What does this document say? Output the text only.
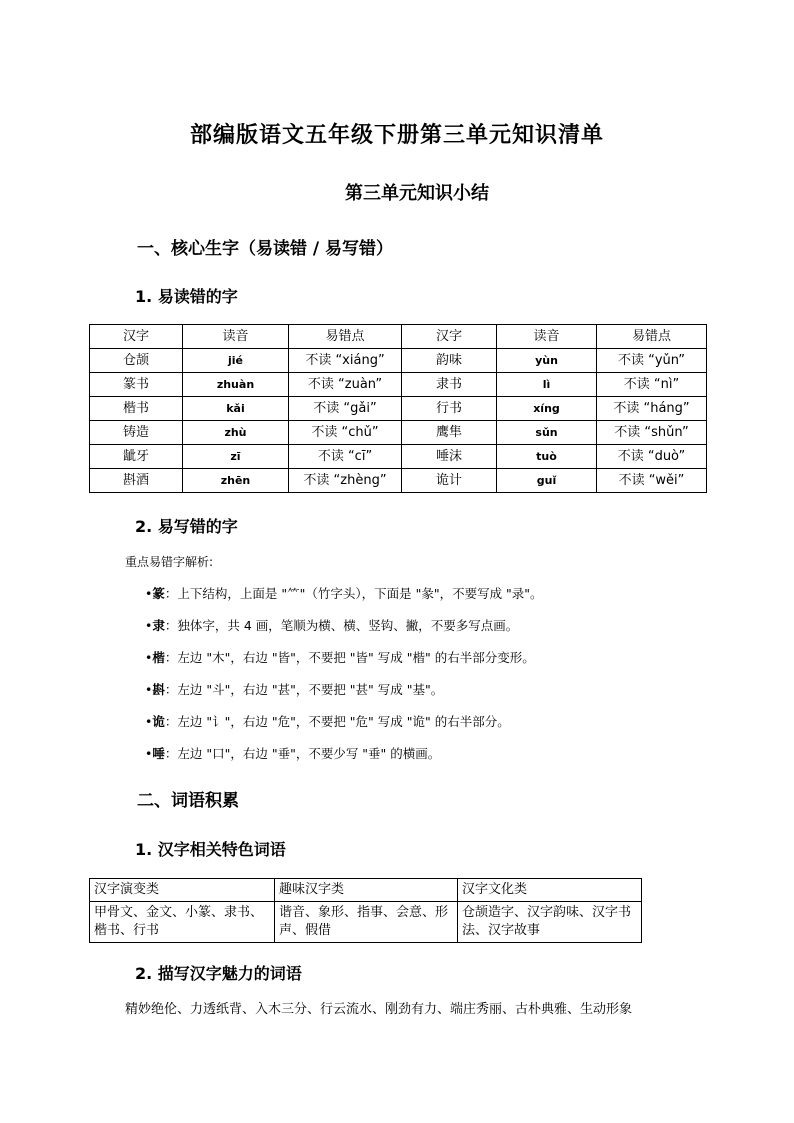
部编版语文五年级下册第三单元知识清单
第三单元知识小结
一、核心生字（易读错 / 易写错）
1. 易读错的字
汉字	读音	易错点	汉字	读音	易错点
仓颉	jié	不读 “xiáng”	韵味	yùn	不读 “yǔn”
篆书	zhuàn	不读 “zuàn”	隶书	lì	不读 “nì”
楷书	kǎi	不读 “gǎi”	行书	xíng	不读 “háng”
铸造	zhù	不读 “chǔ”	鹰隼	sǔn	不读 “shǔn”
龇牙	zī	不读 “cī”	唾沫	tuò	不读 “duò”
斟酒	zhēn	不读 “zhèng”	诡计	guǐ	不读 “wěi”
2. 易写错的字
重点易错字解析:
•篆：上下结构，上面是 "⺮"（竹字头），下面是 "彖"，不要写成 "录"。
•隶：独体字，共 4 画，笔顺为横、横、竖钩、撇，不要多写点画。
•楷：左边 "木"，右边 "皆"，不要把 "皆" 写成 "楷" 的右半部分变形。
•斟：左边 "斗"，右边 "甚"，不要把 "甚" 写成 "基"。
•诡：左边 "讠"，右边 "危"，不要把 "危" 写成 "诡" 的右半部分。
•唾：左边 "口"，右边 "垂"，不要少写 "垂" 的横画。
二、词语积累
1. 汉字相关特色词语
汉字演变类	趣味汉字类	汉字文化类
甲骨文、金文、小篆、隶书、楷书、行书	谐音、象形、指事、会意、形声、假借	仓颉造字、汉字韵味、汉字书法、汉字故事
2. 描写汉字魅力的词语
精妙绝伦、力透纸背、入木三分、行云流水、刚劲有力、端庄秀丽、古朴典雅、生动形象
